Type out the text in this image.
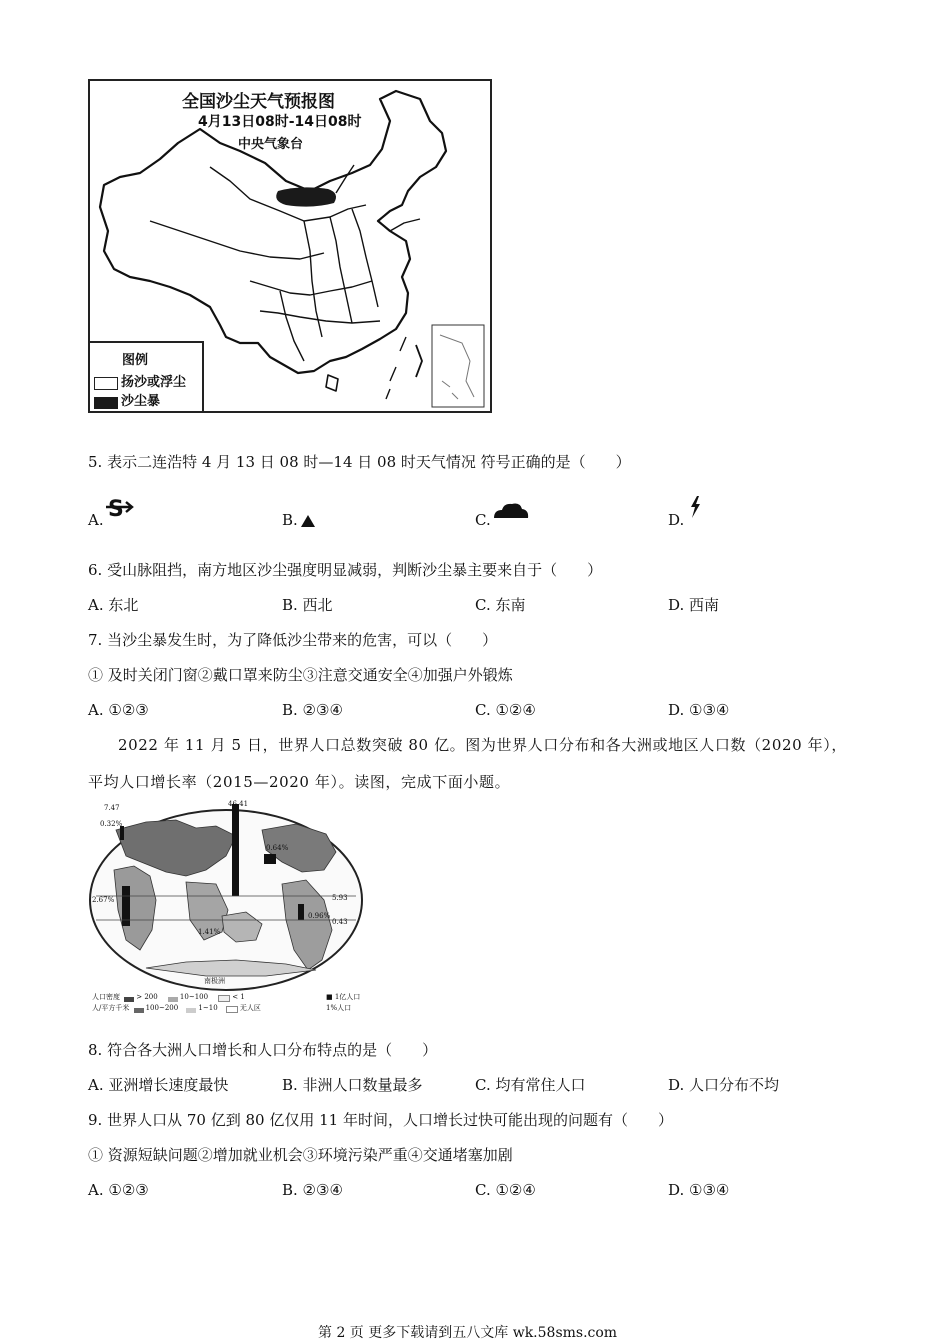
全国沙尘天气预报图
4月13日08时-14日08时
中央气象台
图例
扬沙或浮尘
沙尘暴
5. 表示二连浩特 4 月 13 日 08 时—14 日 08 时天气情况 符号正确的是（　　）
A. S	B.	C.	D.
6. 受山脉阻挡，南方地区沙尘强度明显减弱，判断沙尘暴主要来自于（　　）
A. 东北	B. 西北	C. 东南	D. 西南
7. 当沙尘暴发生时，为了降低沙尘带来的危害，可以（　　）
① 及时关闭门窗②戴口罩来防尘③注意交通安全④加强户外锻炼
A. ①②③	B. ②③④	C. ①②④	D. ①③④
2022 年 11 月 5 日，世界人口总数突破 80 亿。图为世界人口分布和各大洲或地区人口数（2020 年），
平均人口增长率（2015—2020 年）。读图，完成下面小题。
46.41
7.47
0.32%
0.64%
2.67%
0.96%
1.41%
5.93
0.43
南极洲
人口密度 > 200	10~100	< 1
人/平方千米 100~200	1~10	无人区
■ 1亿人口
1%人口
8. 符合各大洲人口增长和人口分布特点的是（　　）
A. 亚洲增长速度最快	B. 非洲人口数量最多	C. 均有常住人口	D. 人口分布不均
9. 世界人口从 70 亿到 80 亿仅用 11 年时间，人口增长过快可能出现的问题有（　　）
① 资源短缺问题②增加就业机会③环境污染严重④交通堵塞加剧
A. ①②③	B. ②③④	C. ①②④	D. ①③④
第 2 页 更多下载请到五八文库 wk.58sms.com
